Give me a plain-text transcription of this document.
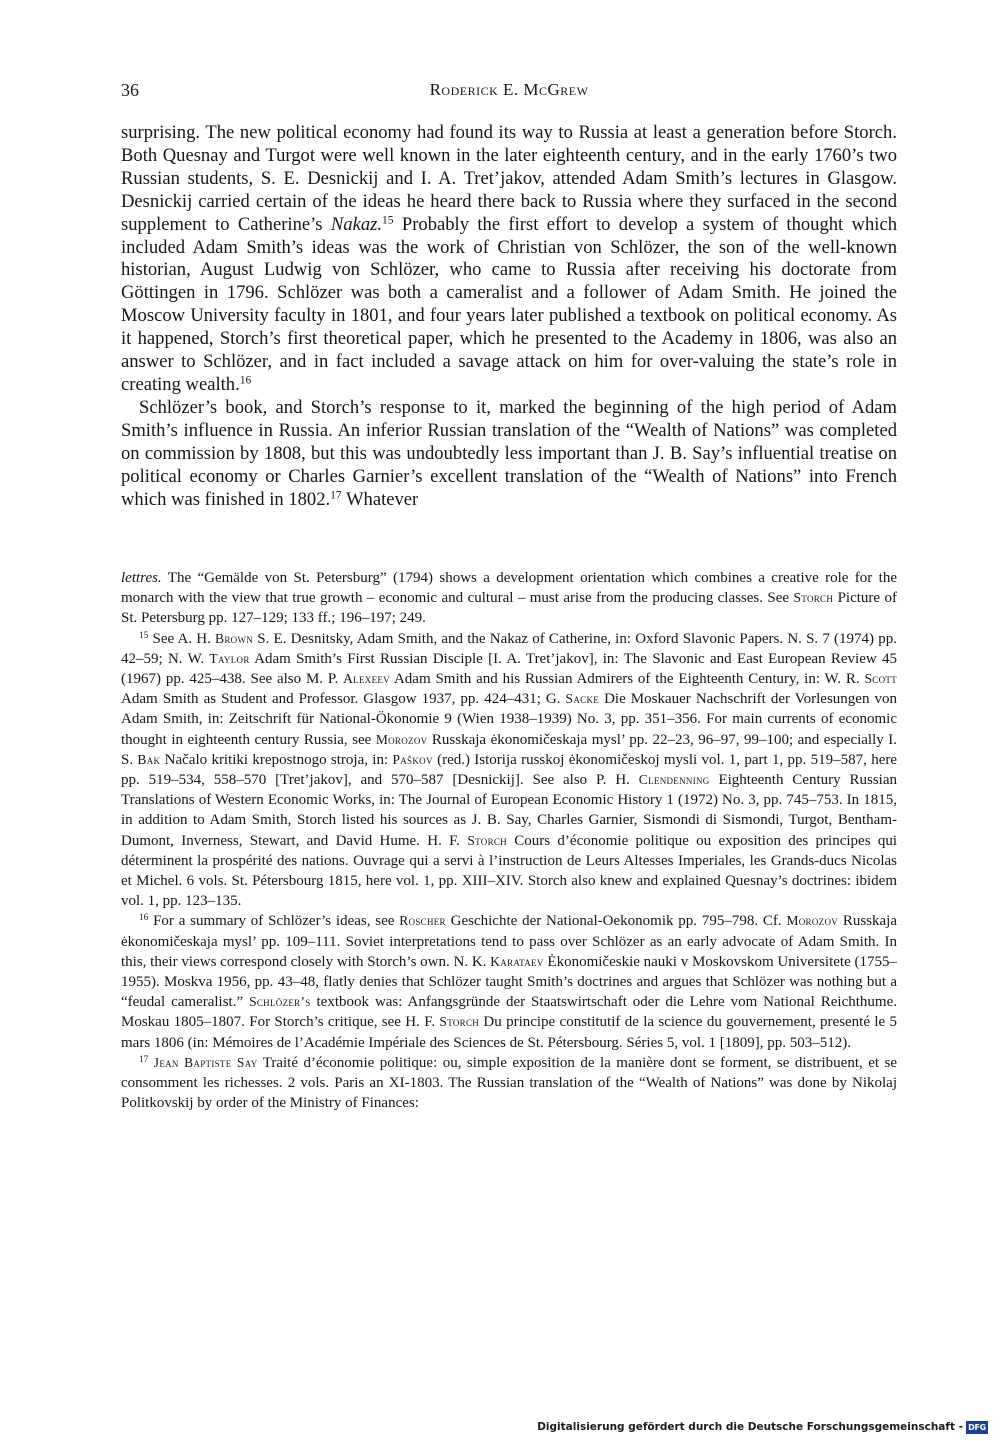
36	Roderick E. McGrew

surprising. The new political economy had found its way to Russia at least a generation before Storch. Both Quesnay and Turgot were well known in the later eighteenth century, and in the early 1760’s two Russian students, S. E. Desnickij and I. A. Tret’jakov, attended Adam Smith’s lectures in Glasgow. Desnickij carried certain of the ideas he heard there back to Russia where they surfaced in the second supplement to Catherine’s Nakaz.$^{15}$ Probably the first effort to develop a system of thought which included Adam Smith’s ideas was the work of Christian von Schlözer, the son of the well-known historian, August Ludwig von Schlözer, who came to Russia after receiving his doctorate from Göttingen in 1796. Schlözer was both a cameralist and a follower of Adam Smith. He joined the Moscow University faculty in 1801, and four years later published a textbook on political economy. As it happened, Storch’s first theoretical paper, which he presented to the Academy in 1806, was also an answer to Schlözer, and in fact included a savage attack on him for over-valuing the state’s role in creating wealth.$^{16}$

Schlözer’s book, and Storch’s response to it, marked the beginning of the high period of Adam Smith’s influence in Russia. An inferior Russian translation of the “Wealth of Nations” was completed on commission by 1808, but this was undoubtedly less important than J. B. Say’s influential treatise on political economy or Charles Garnier’s excellent translation of the “Wealth of Nations” into French which was finished in 1802.17 Whatever

lettres. The “Gemälde von St. Petersburg” (1794) shows a development orientation which combines a creative role for the monarch with the view that true growth – economic and cultural – must arise from the producing classes. See Storch Picture of St. Petersburg pp. 127–129; 133 ff.; 196–197; 249.

$^{15}$ See A. H. Brown S. E. Desnitsky, Adam Smith, and the Nakaz of Catherine, in: Oxford Slavonic Papers. N. S. 7 (1974) pp. 42–59; N. W. Taylor Adam Smith’s First Russian Disciple [I. A. Tret’jakov], in: The Slavonic and East European Review 45 (1967) pp. 425–438. See also M. P. Alexeev Adam Smith and his Russian Admirers of the Eighteenth Century, in: W. R. Scott Adam Smith as Student and Professor. Glasgow 1937, pp. 424–431; G. Sacke Die Moskauer Nachschrift der Vorlesungen von Adam Smith, in: Zeitschrift für National-Ökonomie 9 (Wien 1938–1939) No. 3, pp. 351–356. For main currents of economic thought in eighteenth century Russia, see Morozov Russkaja ėkonomičeskaja mysl’ pp. 22–23, 96–97, 99–100; and especially I. S. Bak Načalo kritiki krepostnogo stroja, in: Paškov (red.) Istorija russkoj ėkonomičeskoj mysli vol. 1, part 1, pp. 519–587, here pp. 519–534, 558–570 [Tret’jakov], and 570–587 [Desnickij]. See also P. H. Clendenning Eighteenth Century Russian Translations of Western Economic Works, in: The Journal of European Economic History 1 (1972) No. 3, pp. 745–753. In 1815, in addition to Adam Smith, Storch listed his sources as J. B. Say, Charles Garnier, Sismondi di Sismondi, Turgot, Bentham-Dumont, Inverness, Stewart, and David Hume. H. F. Storch Cours d’économie politique ou exposition des principes qui déterminent la prospérité des nations. Ouvrage qui a servi à l’instruction de Leurs Altesses Imperiales, les Grands-ducs Nicolas et Michel. 6 vols. St. Pétersbourg 1815, here vol. 1, pp. XIII–XIV. Storch also knew and explained Quesnay’s doctrines: ibidem vol. 1, pp. 123–135.

$^{16}$ For a summary of Schlözer’s ideas, see Roscher Geschichte der National-Oekonomik pp. 795–798. Cf. Morozov Russkaja ėkonomičeskaja mysl’ pp. 109–111. Soviet interpretations tend to pass over Schlözer as an early advocate of Adam Smith. In this, their views correspond closely with Storch’s own. N. K. Karataev Ėkonomičeskie nauki v Moskovskom Universitete (1755–1955). Moskva 1956, pp. 43–48, flatly denies that Schlözer taught Smith’s doctrines and argues that Schlözer was nothing but a “feudal cameralist.” Schlözer’s textbook was: Anfangsgründe der Staatswirtschaft oder die Lehre vom National Reichthume. Moskau 1805–1807. For Storch’s critique, see H. F. Storch Du principe constitutif de la science du gouvernement, presenté le 5 mars 1806 (in: Mémoires de l’Académie Impériale des Sciences de St. Pétersbourg. Séries 5, vol. 1 [1809], pp. 503–512).

$^{17}$ Jean Baptiste Say Traité d’économie politique: ou, simple exposition de la manière dont se forment, se distribuent, et se consomment les richesses. 2 vols. Paris an XI-1803. The Russian translation of the “Wealth of Nations” was done by Nikolaj Politkovskij by order of the Ministry of Finances:

Digitalisierung gefördert durch die Deutsche Forschungsgemeinschaft - DFG
